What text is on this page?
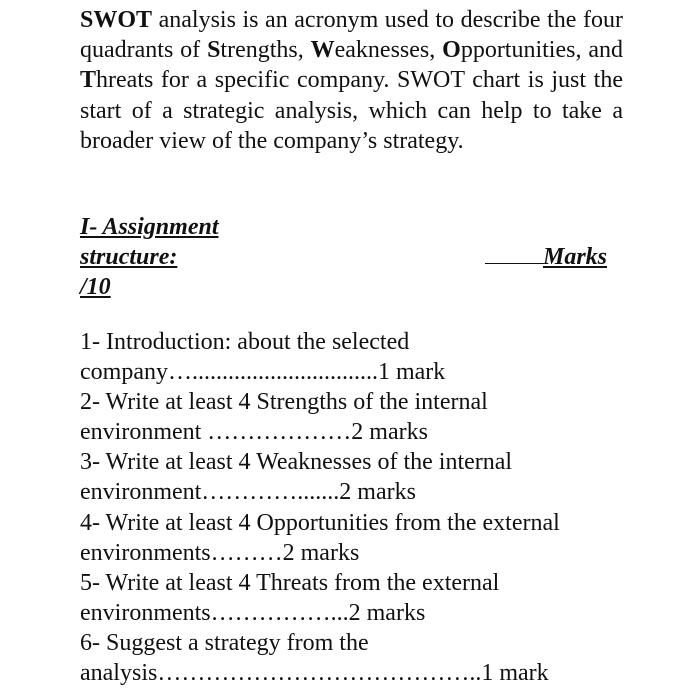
SWOT analysis is an acronym used to describe the four quadrants of Strengths, Weaknesses, Opportunities, and Threats for a specific company. SWOT chart is just the start of a strategic analysis, which can help to take a broader view of the company’s strategy.

I- Assignment
structure:
/10
Marks
1- Introduction: about the selected
company…...............................1 mark
2- Write at least 4 Strengths of the internal
environment ………………2 marks
3- Write at least 4 Weaknesses of the internal
environment………….......2 marks
4- Write at least 4 Opportunities from the external
environments………2 marks
5- Write at least 4 Threats from the external
environments……………...2 marks
6- Suggest a strategy from the
analysis…………………………………..1 mark
